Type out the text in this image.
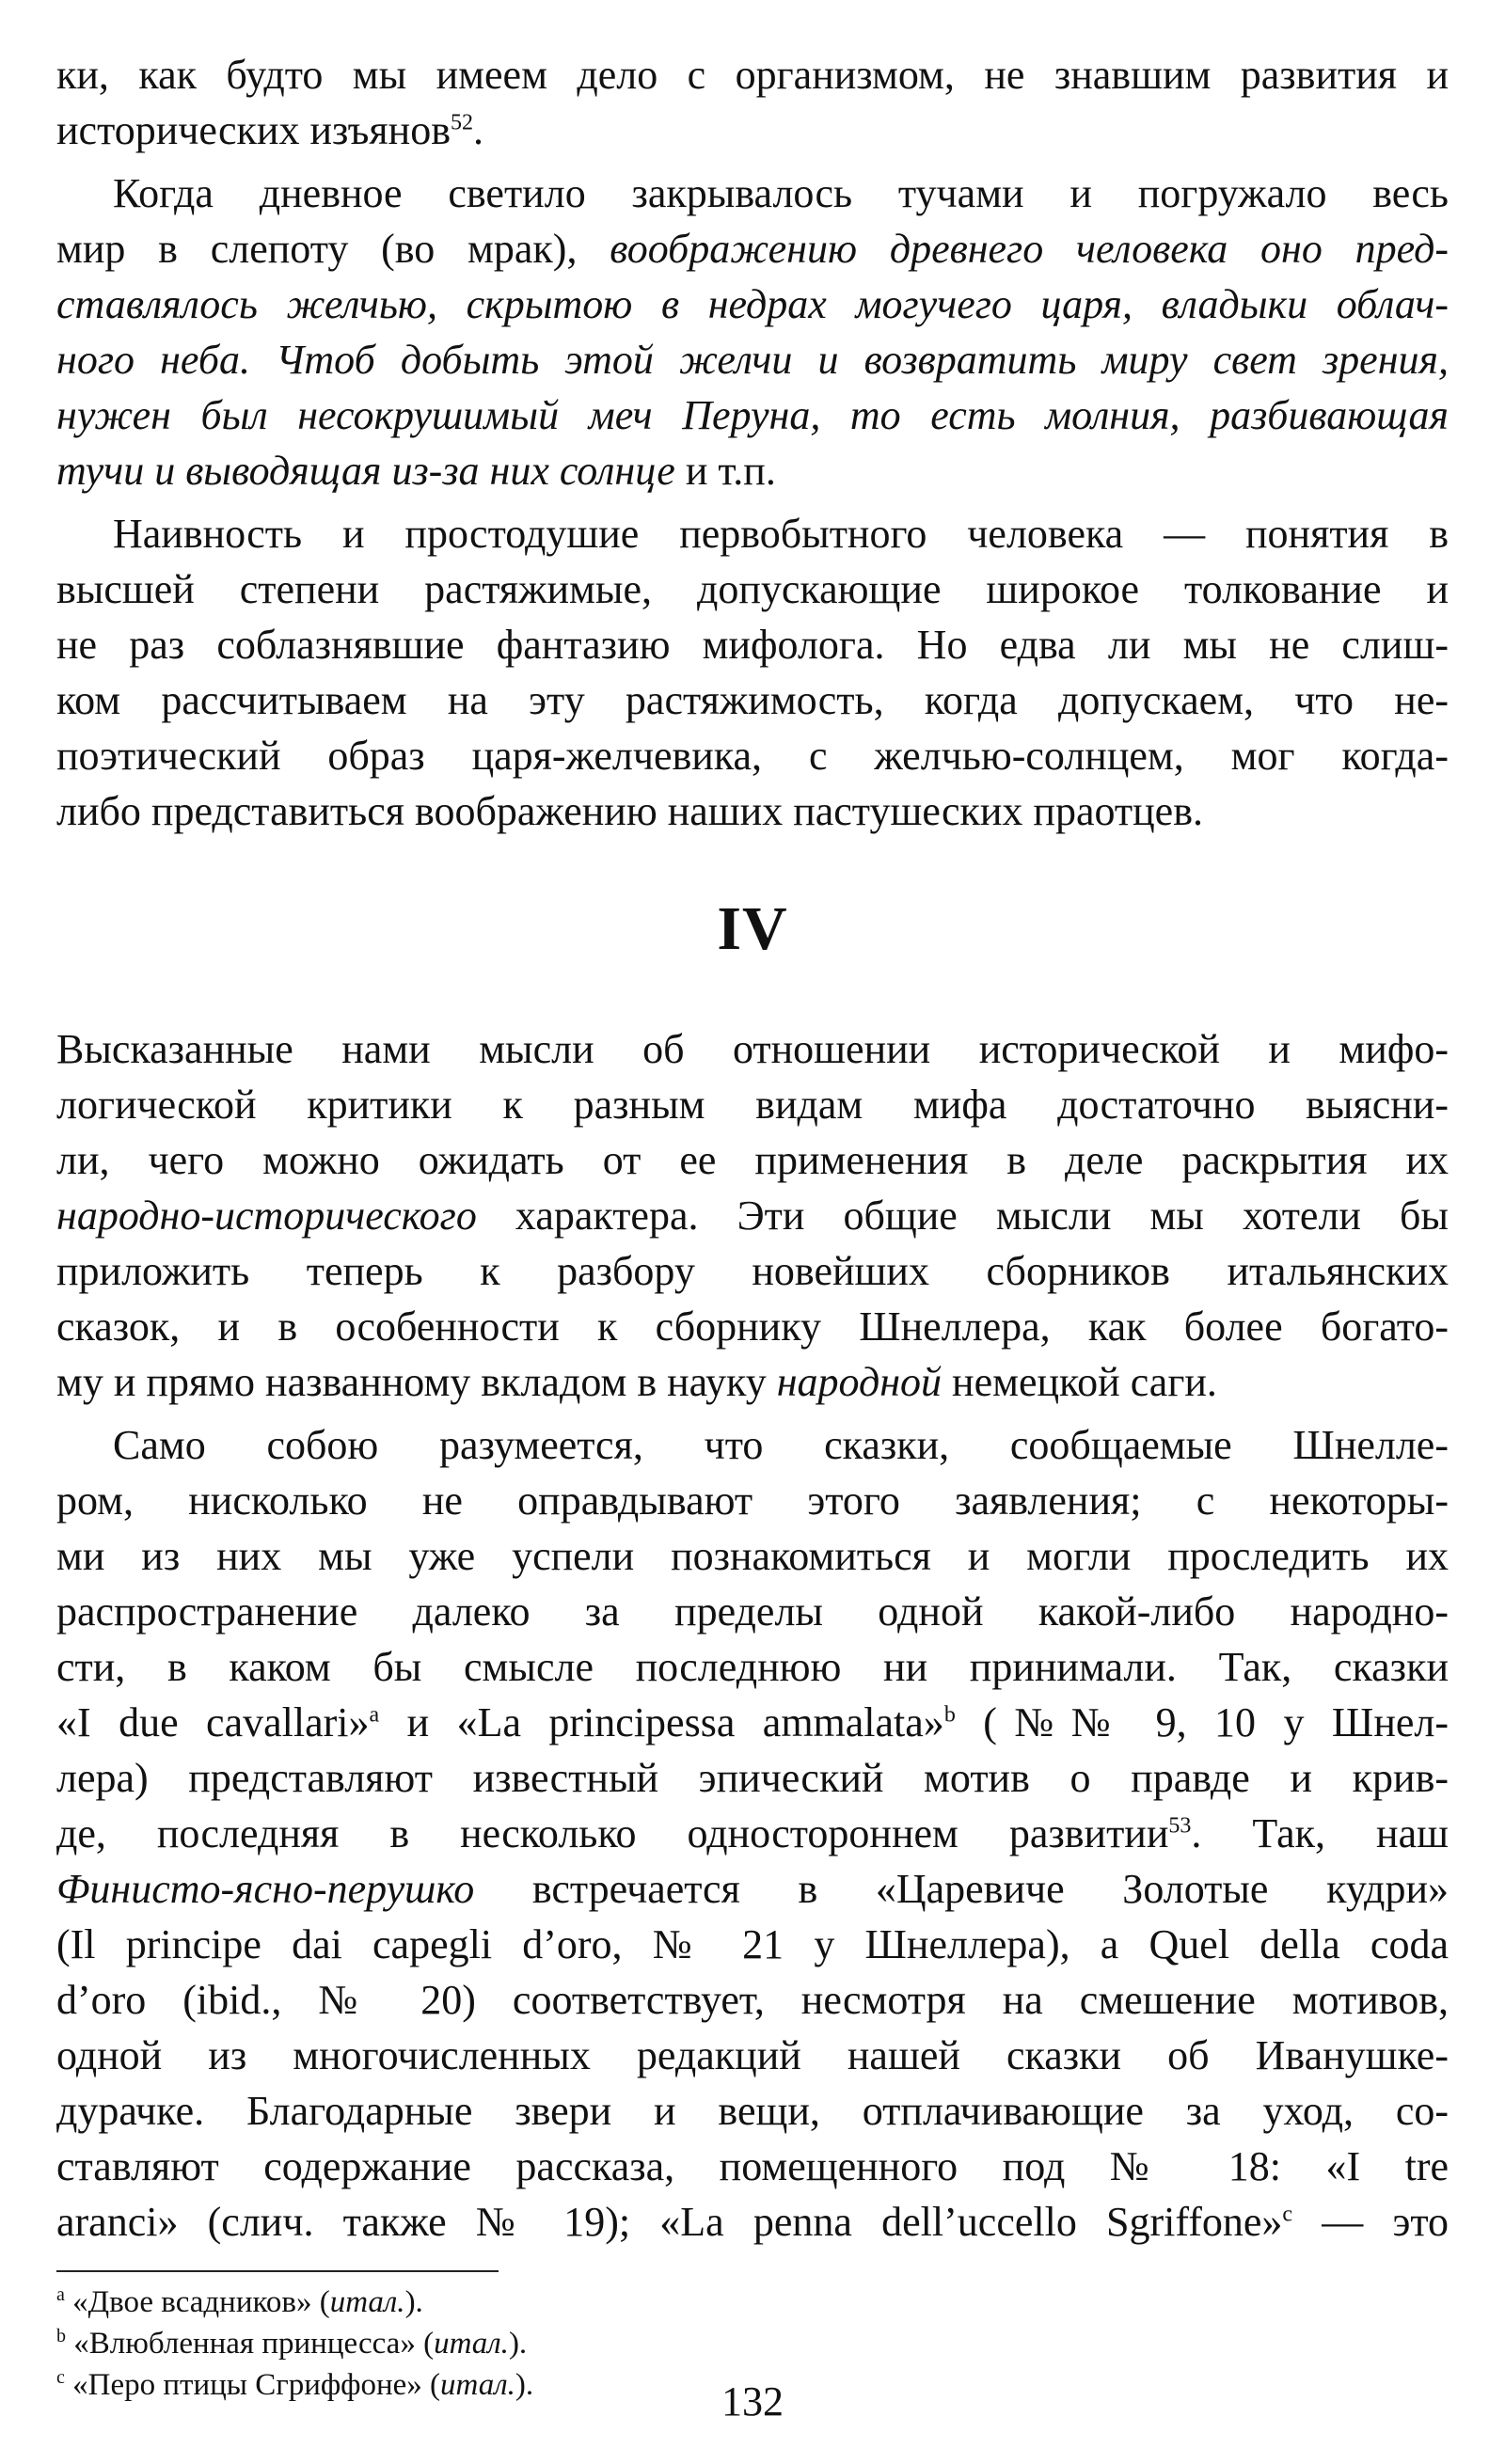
ки, как будто мы имеем дело с организмом, не знавшим развития и
исторических изъянов$^{52}$.
Когда дневное светило закрывалось тучами и погружало весь
мир в слепоту (во мрак), воображению древнего человека оно пред-
ставлялось желчью, скрытою в недрах могучего царя, владыки облач-
ного неба. Чтоб добыть этой желчи и возвратить миру свет зрения,
нужен был несокрушимый меч Перуна, то есть молния, разбивающая
тучи и выводящая из-за них солнце и т.п.
Наивность и простодушие первобытного человека — понятия в
высшей степени растяжимые, допускающие широкое толкование и
не раз соблазнявшие фантазию мифолога. Но едва ли мы не слиш-
ком рассчитываем на эту растяжимость, когда допускаем, что не-
поэтический образ царя-желчевика, с желчью-солнцем, мог когда-
либо представиться воображению наших пастушеских праотцев.
IV
Высказанные нами мысли об отношении исторической и мифо-
логической критики к разным видам мифа достаточно выясни-
ли, чего можно ожидать от ее применения в деле раскрытия их
народно-исторического характера. Эти общие мысли мы хотели бы
приложить теперь к разбору новейших сборников итальянских
сказок, и в особенности к сборнику Шнеллера, как более богато-
му и прямо названному вкладом в науку народной немецкой саги.
Само собою разумеется, что сказки, сообщаемые Шнелле-
ром, нисколько не оправдывают этого заявления; с некоторы-
ми из них мы уже успели познакомиться и могли проследить их
распространение далеко за пределы одной какой-либо народно-
сти, в каком бы смысле последнюю ни принимали. Так, сказки
«I due cavallari»$^a$ и «La principessa ammalata»$^b$ (№№ 9, 10 у Шнел-
лера) представляют известный эпический мотив о правде и крив-
де, последняя в несколько одностороннем развитии$^{53}$. Так, наш
Финисто-ясно-перушко встречается в «Царевиче Золотые кудри»
(Il principe dai capegli d’oro, № 21 у Шнеллера), а Quel della coda
d’oro (ibid., № 20) соответствует, несмотря на смешение мотивов,
одной из многочисленных редакций нашей сказки об Иванушке-
дурачке. Благодарные звери и вещи, отплачивающие за уход, со-
ставляют содержание рассказа, помещенного под № 18: «I tre
aranci» (слич. также № 19); «La penna dell’uccello Sgriffone»$^c$ — это
$^a$ «Двое всадников» (итал.).
$^b$ «Влюбленная принцесса» (итал.).
$^c$ «Перо птицы Сгриффоне» (итал.).	132
